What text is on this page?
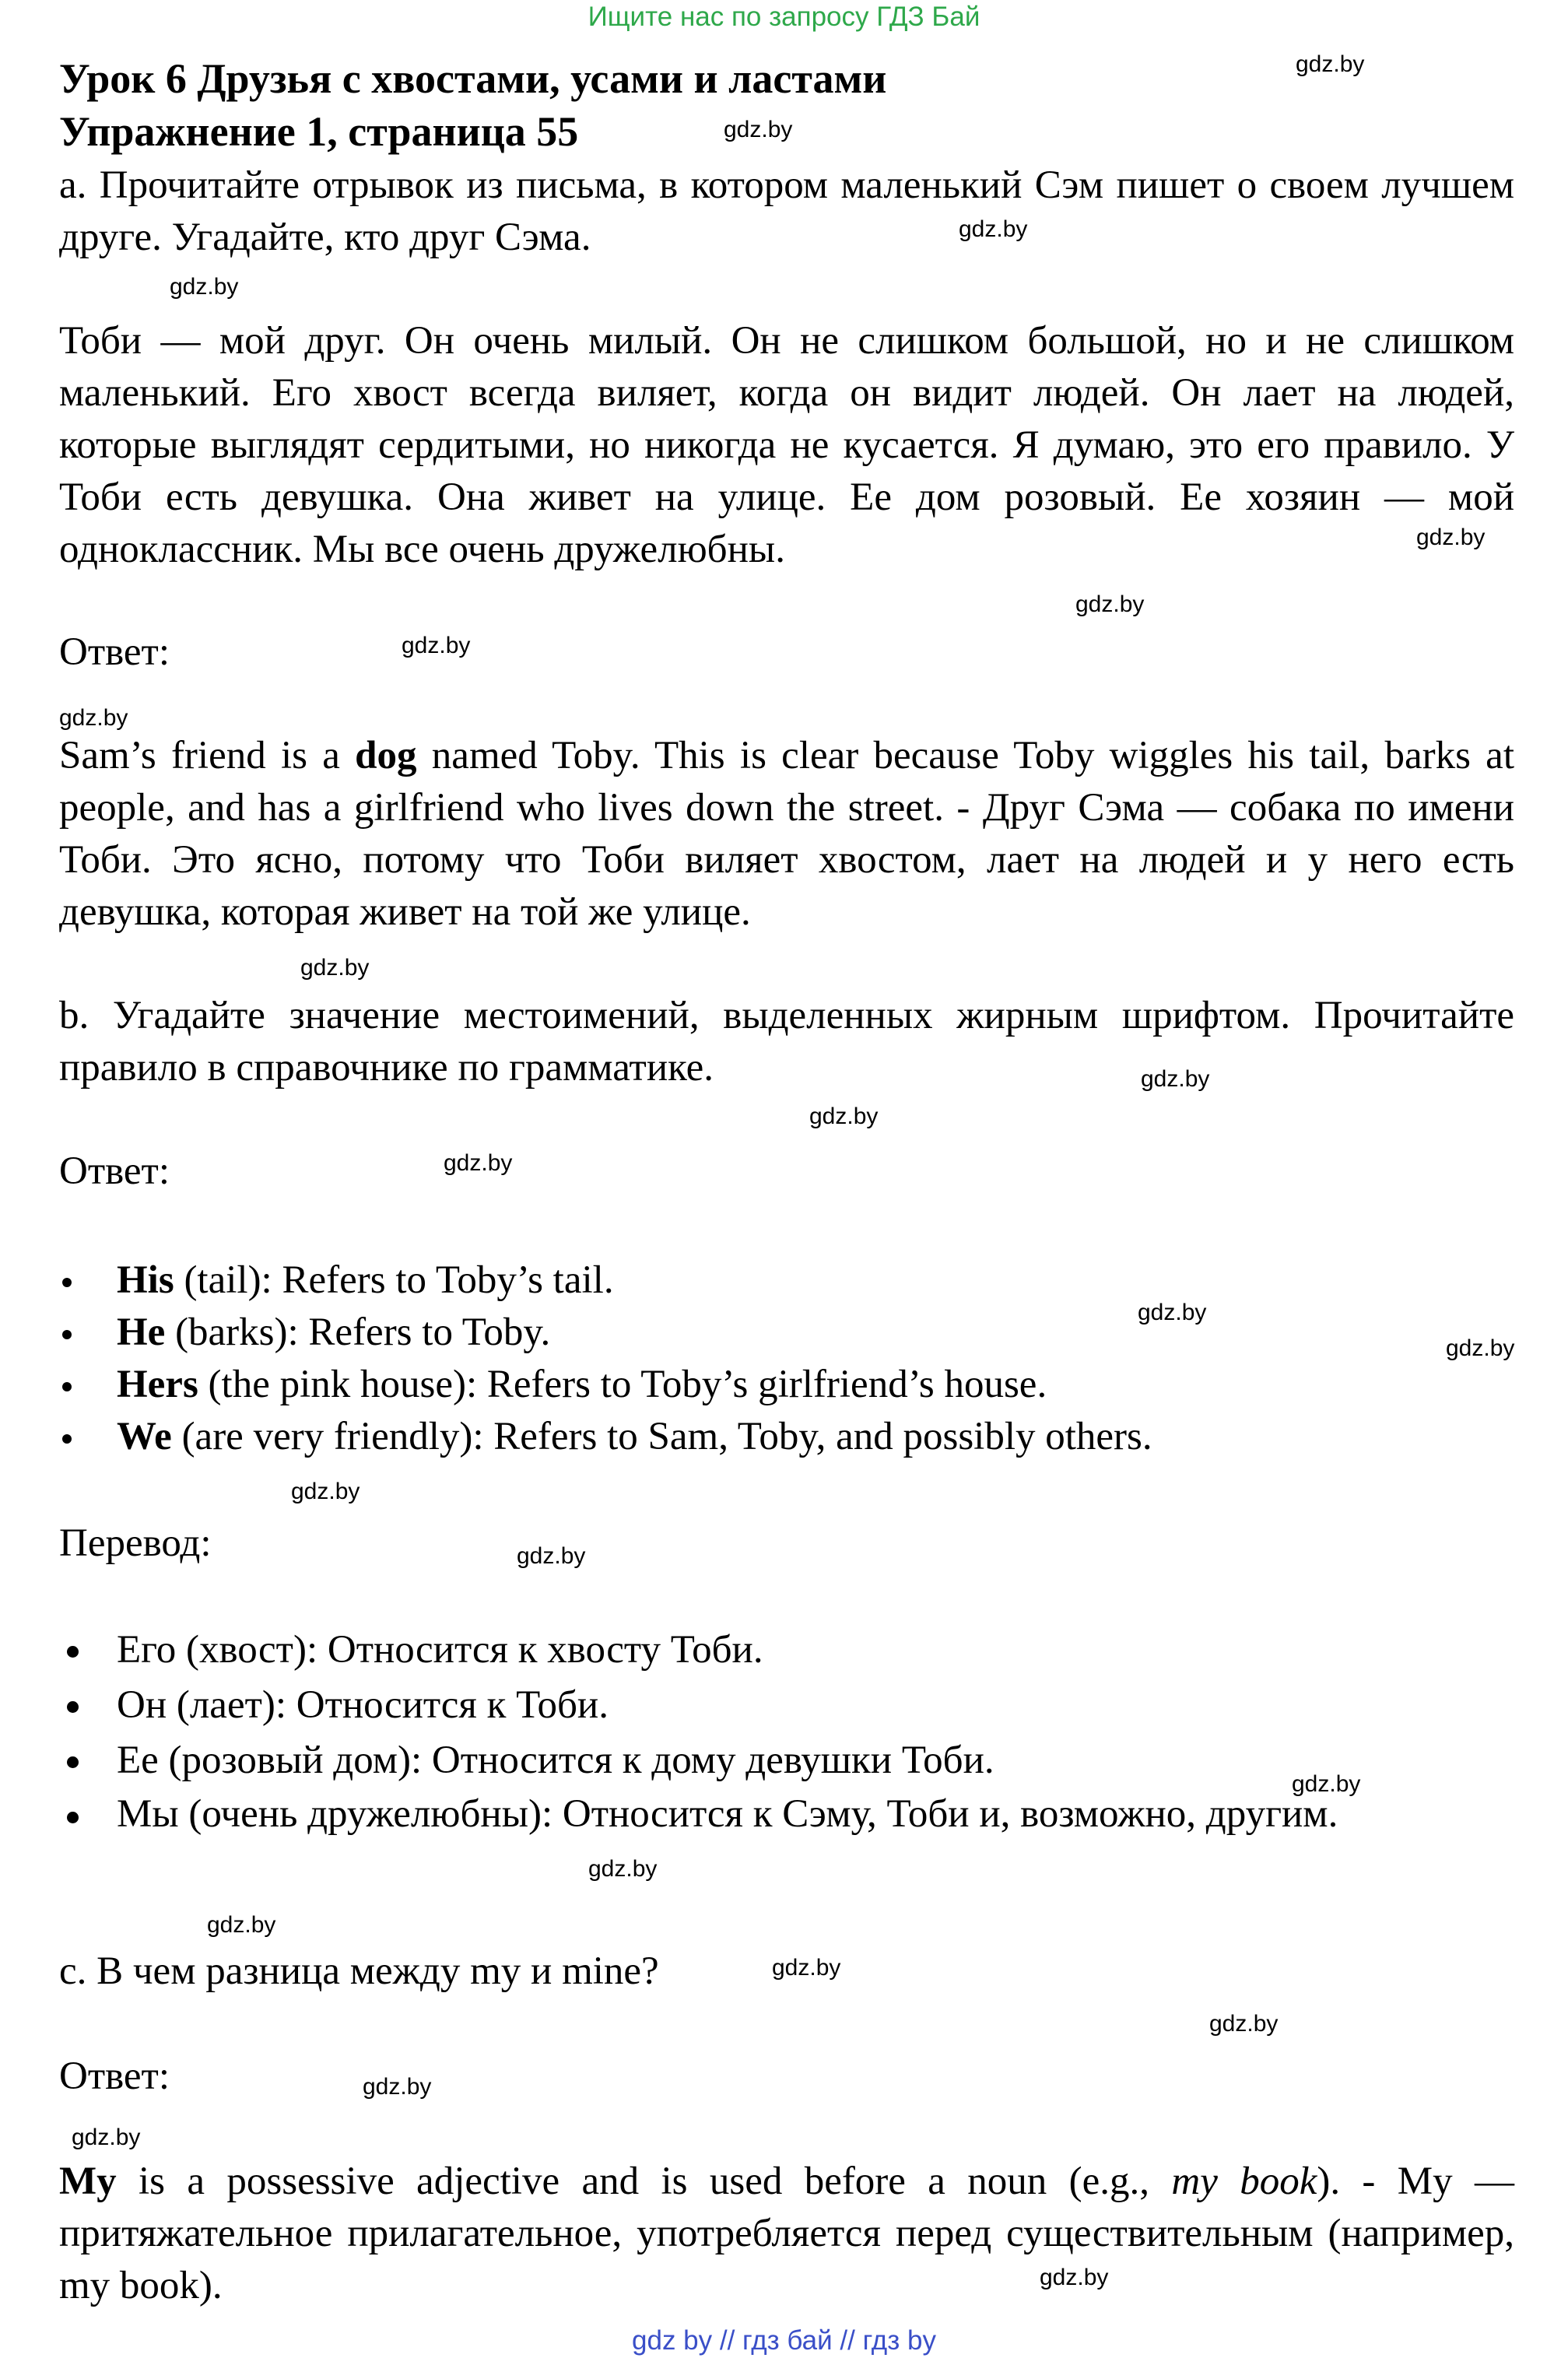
Ищите нас по запросу ГДЗ Бай
Урок 6 Друзья с хвостами, усами и ластами
Упражнение 1, страница 55

a. Прочитайте отрывок из письма, в котором маленький Сэм пишет о своем лучшем друге. Угадайте, кто друг Сэма.

Тоби — мой друг. Он очень милый. Он не слишком большой, но и не слишком маленький. Его хвост всегда виляет, когда он видит людей. Он лает на людей, которые выглядят сердитыми, но никогда не кусается. Я думаю, это его правило. У Тоби есть девушка. Она живет на улице. Ее дом розовый. Ее хозяин — мой одноклассник. Мы все очень дружелюбны.

Ответ:

Sam’s friend is a dog named Toby. This is clear because Toby wiggles his tail, barks at people, and has a girlfriend who lives down the street. - Друг Сэма — собака по имени Тоби. Это ясно, потому что Тоби виляет хвостом, лает на людей и у него есть девушка, которая живет на той же улице.

b. Угадайте значение местоимений, выделенных жирным шрифтом. Прочитайте правило в справочнике по грамматике.

Ответ:
His (tail): Refers to Toby’s tail.
He (barks): Refers to Toby.
Hers (the pink house): Refers to Toby’s girlfriend’s house.
We (are very friendly): Refers to Sam, Toby, and possibly others.
Перевод:
Его (хвост): Относится к хвосту Тоби.
Он (лает): Относится к Тоби.
Ее (розовый дом): Относится к дому девушки Тоби.
Мы (очень дружелюбны): Относится к Сэму, Тоби и, возможно, другим.
c. В чем разница между my и mine?
Ответ:

My is a possessive adjective and is used before a noun (e.g., my book). - My — притяжательное прилагательное, употребляется перед существительным (например, my book).

gdz.by
gdz.by
gdz.by
gdz.by
gdz.by
gdz.by
gdz.by
gdz.by
gdz.by
gdz.by
gdz.by
gdz.by
gdz.by
gdz.by
gdz.by
gdz.by
gdz.by
gdz.by
gdz.by
gdz.by
gdz.by
gdz.by
gdz.by
gdz.by
gdz by // гдз бай // гдз by
